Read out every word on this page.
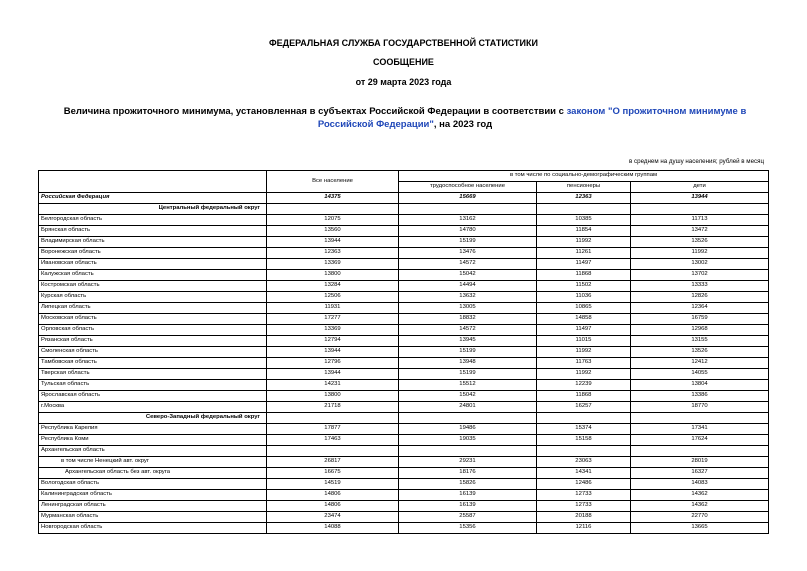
ФЕДЕРАЛЬНАЯ СЛУЖБА ГОСУДАРСТВЕННОЙ СТАТИСТИКИ
СООБЩЕНИЕ
от 29 марта 2023 года
Величина прожиточного минимума, установленная в субъектах Российской Федерации в соответствии с законом "О прожиточном минимуме в Российской Федерации", на 2023 год
в среднем на душу населения; рублей в месяц
	Все население	в том числе по социально-демографическим группам		
		трудоспособное население	пенсионеры	дети
Российская Федерация	14375	15669	12363	13944
Центральный федеральный округ				
Белгородская область	12075	13162	10385	11713
Брянская область	13560	14780	11854	13472
Владимирская область	13944	15199	11992	13526
Воронежская область	12363	13476	11261	11992
Ивановская область	13369	14572	11497	13002
Калужская область	13800	15042	11868	13702
Костромская область	13284	14494	11502	13333
Курская область	12506	13632	11036	12826
Липецкая область	11931	13005	10865	12364
Московская область	17277	18832	14858	16759
Орловская область	13369	14572	11497	12968
Рязанская область	12794	13945	11015	13155
Смоленская область	13944	15199	11992	13526
Тамбовская область	12796	13948	11763	12412
Тверская область	13944	15199	11992	14055
Тульская область	14231	15512	12239	13804
Ярославская область	13800	15042	11868	13386
г.Москва	21718	24801	16257	18770
Северо-Западный федеральный округ				
Республика Карелия	17877	19486	15374	17341
Республика Коми	17463	19035	15158	17624
Архангельская область				
в том числе Ненецкий авт. округ	26817	29231	23063	28019
Архангельская область без авт. округа	16675	18176	14341	16327
Вологодская область	14519	15826	12486	14083
Калининградская область	14806	16139	12733	14362
Ленинградская область	14806	16139	12733	14362
Мурманская область	23474	25587	20188	22770
Новгородская область	14088	15356	12116	13665
